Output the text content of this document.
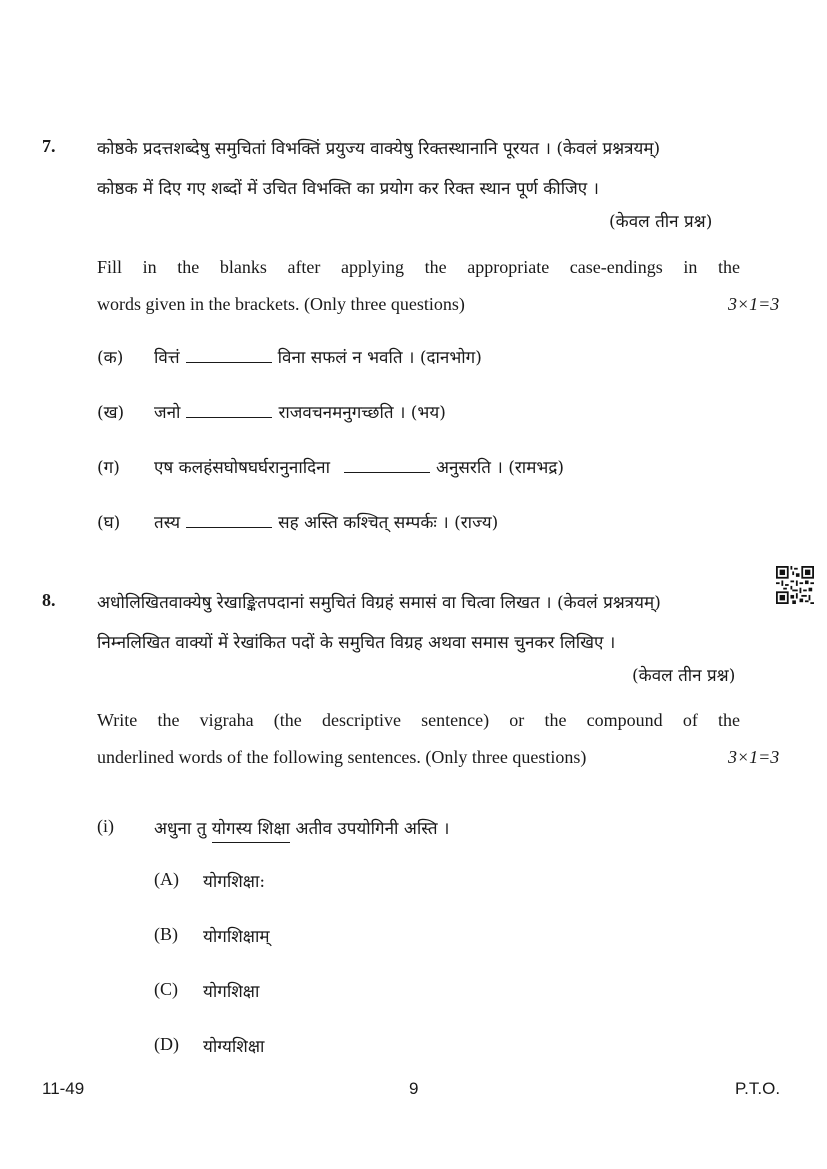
7. कोष्ठके प्रदत्तशब्देषु समुचितां विभक्तिं प्रयुज्य वाक्येषु रिक्तस्थानानि पूरयत । (केवलं प्रश्नत्रयम्)
कोष्ठक में दिए गए शब्दों में उचित विभक्ति का प्रयोग कर रिक्त स्थान पूर्ण कीजिए ।
(केवल तीन प्रश्न)
Fill in the blanks after applying the appropriate case-endings in the
words given in the brackets. (Only three questions)	3×1=3
(क) वित्तं	विना सफलं न भवति । (दानभोग)
(ख) जनो	राजवचनमनुगच्छति । (भय)
(ग) एष कलहंसघोषघर्घरानुनादिना	अनुसरति । (रामभद्र)
(घ) तस्य	सह अस्ति कश्चित् सम्पर्कः । (राज्य)
8. अधोलिखितवाक्येषु रेखाङ्कितपदानां समुचितं विग्रहं समासं वा चित्वा लिखत । (केवलं प्रश्नत्रयम्)
निम्नलिखित वाक्यों में रेखांकित पदों के समुचित विग्रह अथवा समास चुनकर लिखिए ।
(केवल तीन प्रश्न)
Write the vigraha (the descriptive sentence) or the compound of the
underlined words of the following sentences. (Only three questions)	3×1=3
(i) अधुना तु योगस्य शिक्षा अतीव उपयोगिनी अस्ति ।
(A) योगशिक्षा:
(B) योगशिक्षाम्
(C) योगशिक्षा
(D) योग्यशिक्षा
11-49	9	P.T.O.
